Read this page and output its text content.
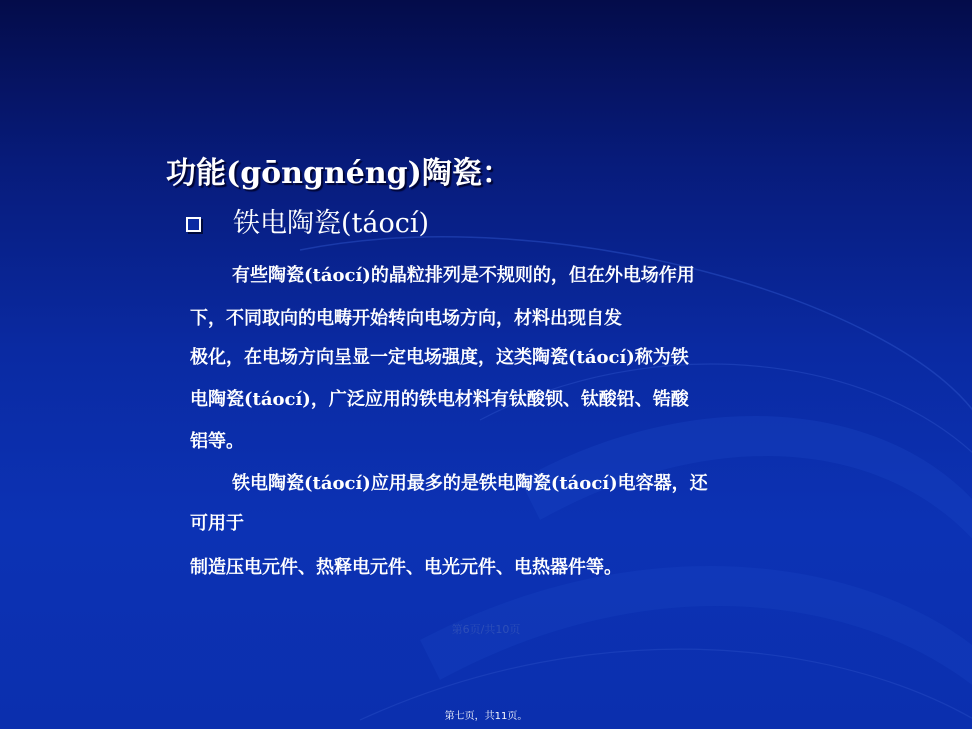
功能(gōngnéng)陶瓷：
铁电陶瓷(táocí)
有些陶瓷(táocí)的晶粒排列是不规则的，但在外电场作用
下，不同取向的电畴开始转向电场方向，材料出现自发
极化，在电场方向呈显一定电场强度，这类陶瓷(táocí)称为铁
电陶瓷(táocí)，广泛应用的铁电材料有钛酸钡、钛酸铅、锆酸
铝等。
铁电陶瓷(táocí)应用最多的是铁电陶瓷(táocí)电容器，还
可用于
制造压电元件、热释电元件、电光元件、电热器件等。
第6页/共10页
第七页，共11页。
